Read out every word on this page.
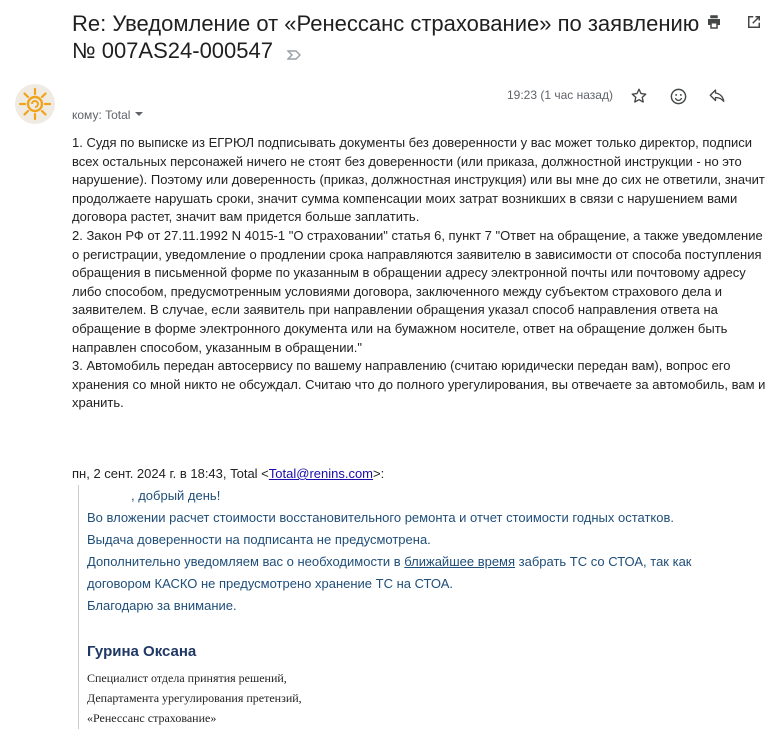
Re: Уведомление от «Ренессанс страхование» по заявлению № 007AS24-000547
кому: Total
19:23 (1 час назад)

1. Судя по выписке из ЕГРЮЛ подписывать документы без доверенности у вас может только директор, подписи всех остальных персонажей ничего не стоят без доверенности (или приказа, должностной инструкции - но это нарушение). Поэтому или доверенность (приказ, должностная инструкция) или вы мне до сих не ответили, значит продолжаете нарушать сроки, значит сумма компенсации моих затрат возникших в связи с нарушением вами договора растет, значит вам придется больше заплатить.

2. Закон РФ от 27.11.1992 N 4015-1 "О страховании" статья 6, пункт 7 "Ответ на обращение, а также уведомление о регистрации, уведомление о продлении срока направляются заявителю в зависимости от способа поступления обращения в письменной форме по указанным в обращении адресу электронной почты или почтовому адресу либо способом, предусмотренным условиями договора, заключенного между субъектом страхового дела и заявителем. В случае, если заявитель при направлении обращения указал способ направления ответа на обращение в форме электронного документа или на бумажном носителе, ответ на обращение должен быть направлен способом, указанным в обращении."

3. Автомобиль передан автосервису по вашему направлению (считаю юридически передан вам), вопрос его хранения со мной никто не обсуждал. Считаю что до полного урегулирования, вы отвечаете за автомобиль, вам и хранить.

пн, 2 сент. 2024 г. в 18:43, Total <Total@renins.com>:
, добрый день!
Во вложении расчет стоимости восстановительного ремонта и отчет стоимости годных остатков.
Выдача доверенности на подписанта не предусмотрена.
Дополнительно уведомляем вас о необходимости в ближайшее время забрать ТС со СТОА, так как
договором КАСКО не предусмотрено хранение ТС на СТОА.
Благодарю за внимание.
Гурина Оксана
Специалист отдела принятия решений,
Департамента урегулирования претензий,
«Ренессанс страхование»
